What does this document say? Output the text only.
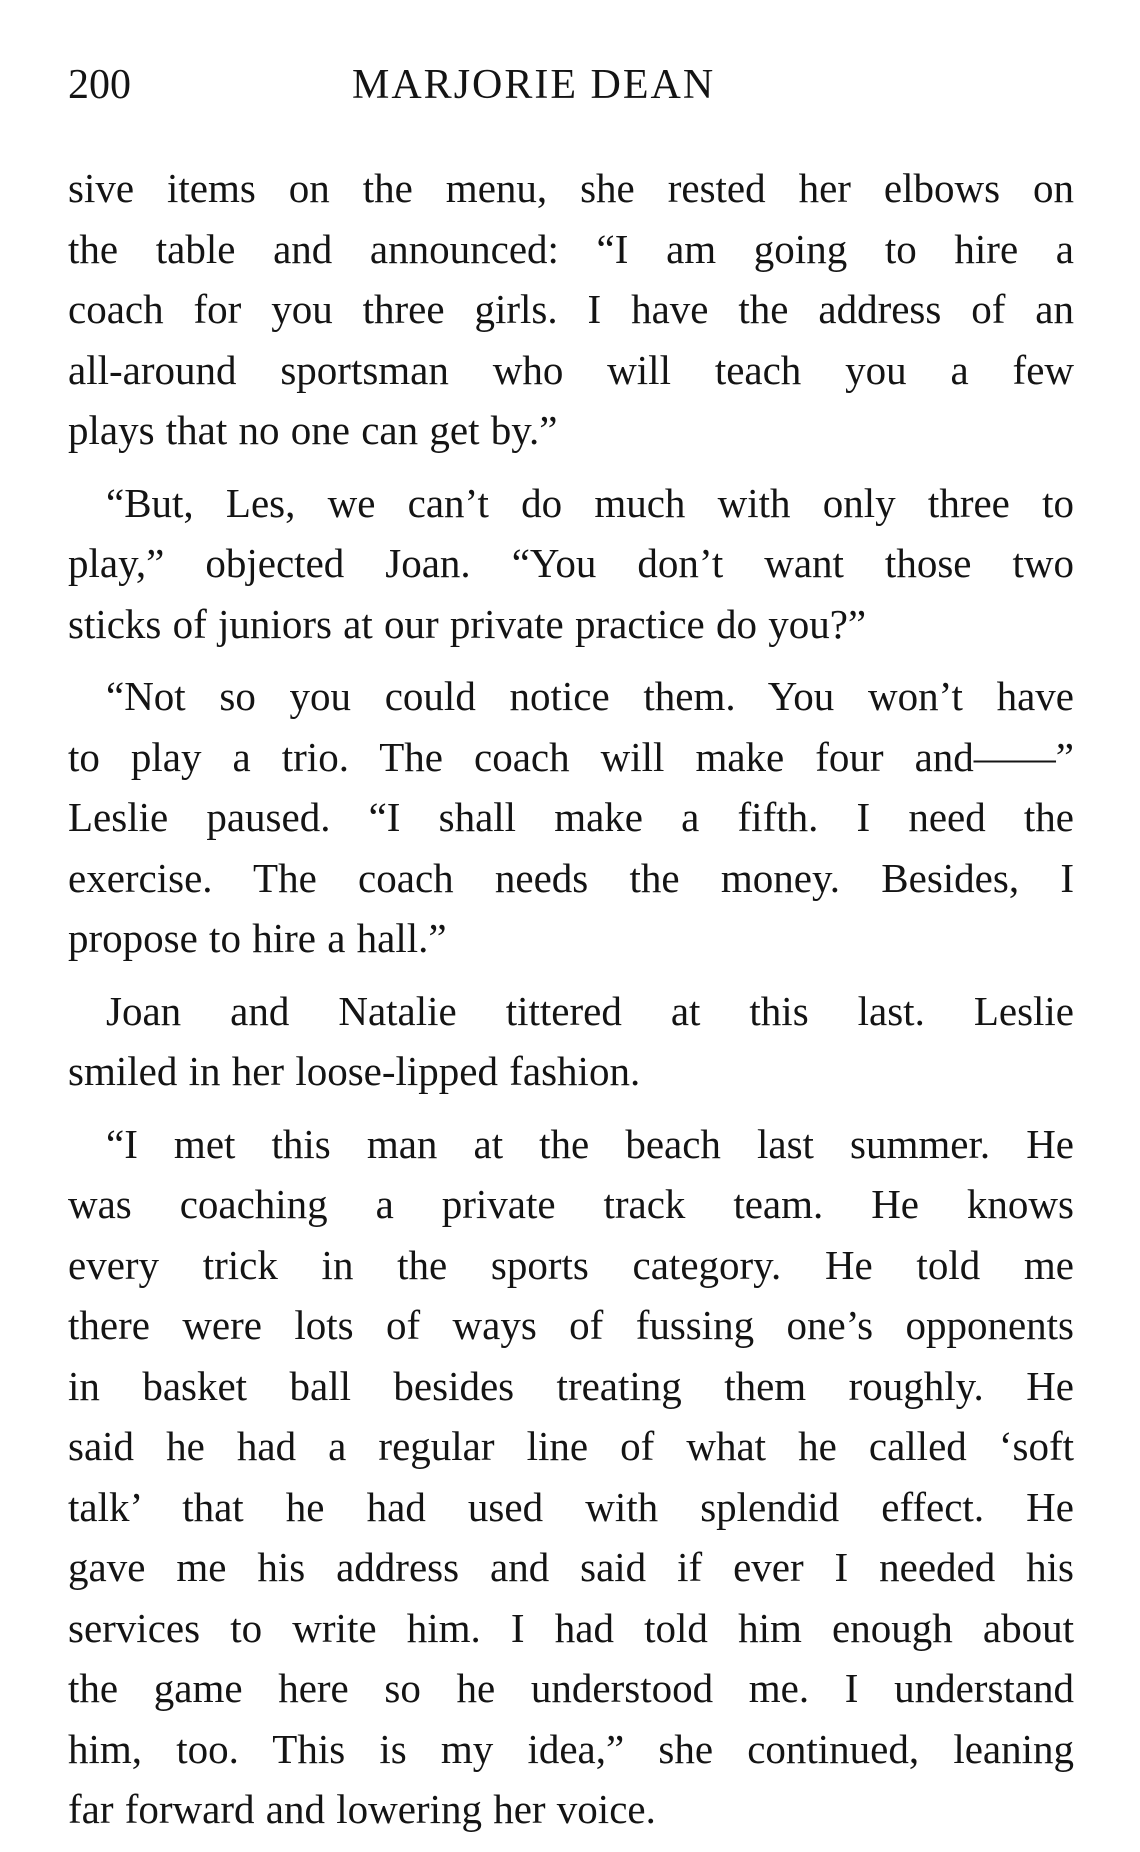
200	MARJORIE DEAN

sive items on the menu, she rested her elbows on
the table and announced: “I am going to hire a
coach for you three girls. I have the address of an
all-around sportsman who will teach you a few
plays that no one can get by.”

“But, Les, we can’t do much with only three to
play,” objected Joan. “You don’t want those two
sticks of juniors at our private practice do you?”

“Not so you could notice them. You won’t have
to play a trio. The coach will make four and——”
Leslie paused. “I shall make a fifth. I need the
exercise. The coach needs the money. Besides, I
propose to hire a hall.”

Joan and Natalie tittered at this last. Leslie
smiled in her loose-lipped fashion.

“I met this man at the beach last summer. He
was coaching a private track team. He knows
every trick in the sports category. He told me
there were lots of ways of fussing one’s opponents
in basket ball besides treating them roughly. He
said he had a regular line of what he called ‘soft
talk’ that he had used with splendid effect. He
gave me his address and said if ever I needed his
services to write him. I had told him enough about
the game here so he understood me. I understand
him, too. This is my idea,” she continued, leaning
far forward and lowering her voice.
